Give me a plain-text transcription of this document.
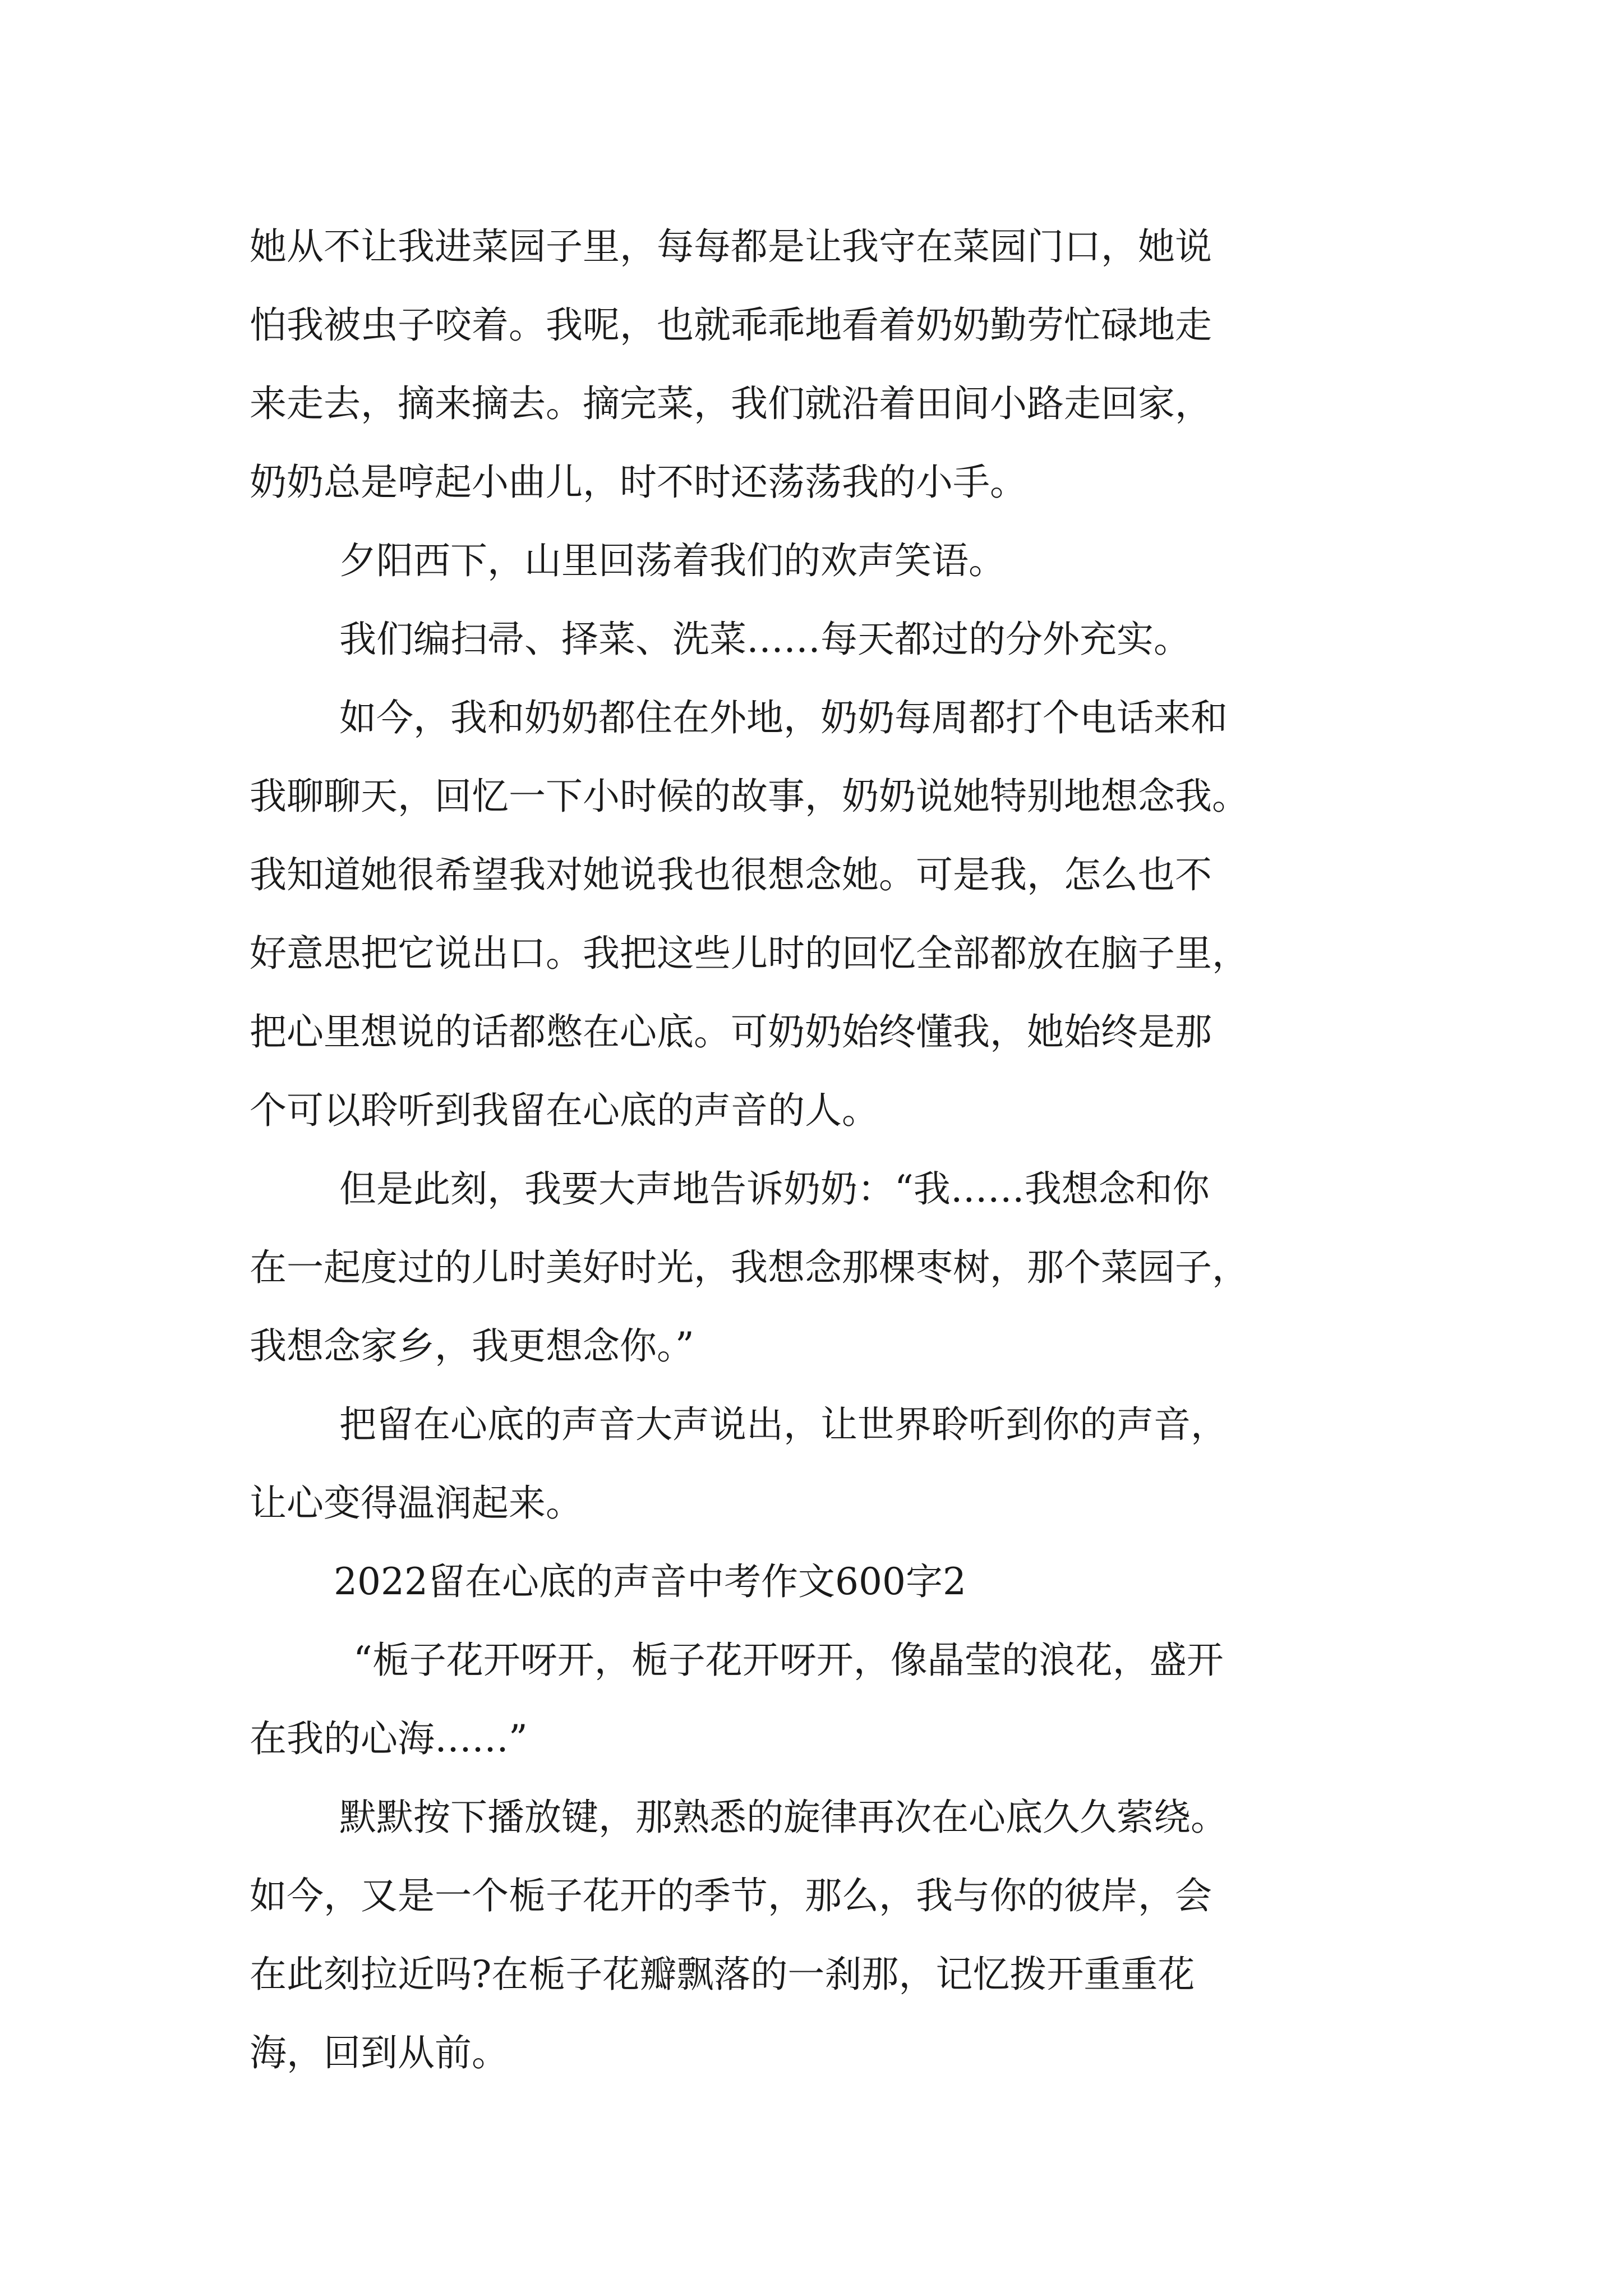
她从不让我进菜园子里，每每都是让我守在菜园门口，她说
怕我被虫子咬着。我呢，也就乖乖地看着奶奶勤劳忙碌地走
来走去，摘来摘去。摘完菜，我们就沿着田间小路走回家，
奶奶总是哼起小曲儿，时不时还荡荡我的小手。
夕阳西下，山里回荡着我们的欢声笑语。
我们编扫帚、择菜、洗菜……每天都过的分外充实。
如今，我和奶奶都住在外地，奶奶每周都打个电话来和
我聊聊天，回忆一下小时候的故事，奶奶说她特别地想念我。
我知道她很希望我对她说我也很想念她。可是我，怎么也不
好意思把它说出口。我把这些儿时的回忆全部都放在脑子里，
把心里想说的话都憋在心底。可奶奶始终懂我，她始终是那
个可以聆听到我留在心底的声音的人。
但是此刻，我要大声地告诉奶奶：“我……我想念和你
在一起度过的儿时美好时光，我想念那棵枣树，那个菜园子，
我想念家乡，我更想念你。”
把留在心底的声音大声说出，让世界聆听到你的声音，
让心变得温润起来。
2022留在心底的声音中考作文600字2
“栀子花开呀开，栀子花开呀开，像晶莹的浪花，盛开
在我的心海……”
默默按下播放键，那熟悉的旋律再次在心底久久萦绕。
如今，又是一个栀子花开的季节，那么，我与你的彼岸，会
在此刻拉近吗?在栀子花瓣飘落的一刹那，记忆拨开重重花
海，回到从前。
